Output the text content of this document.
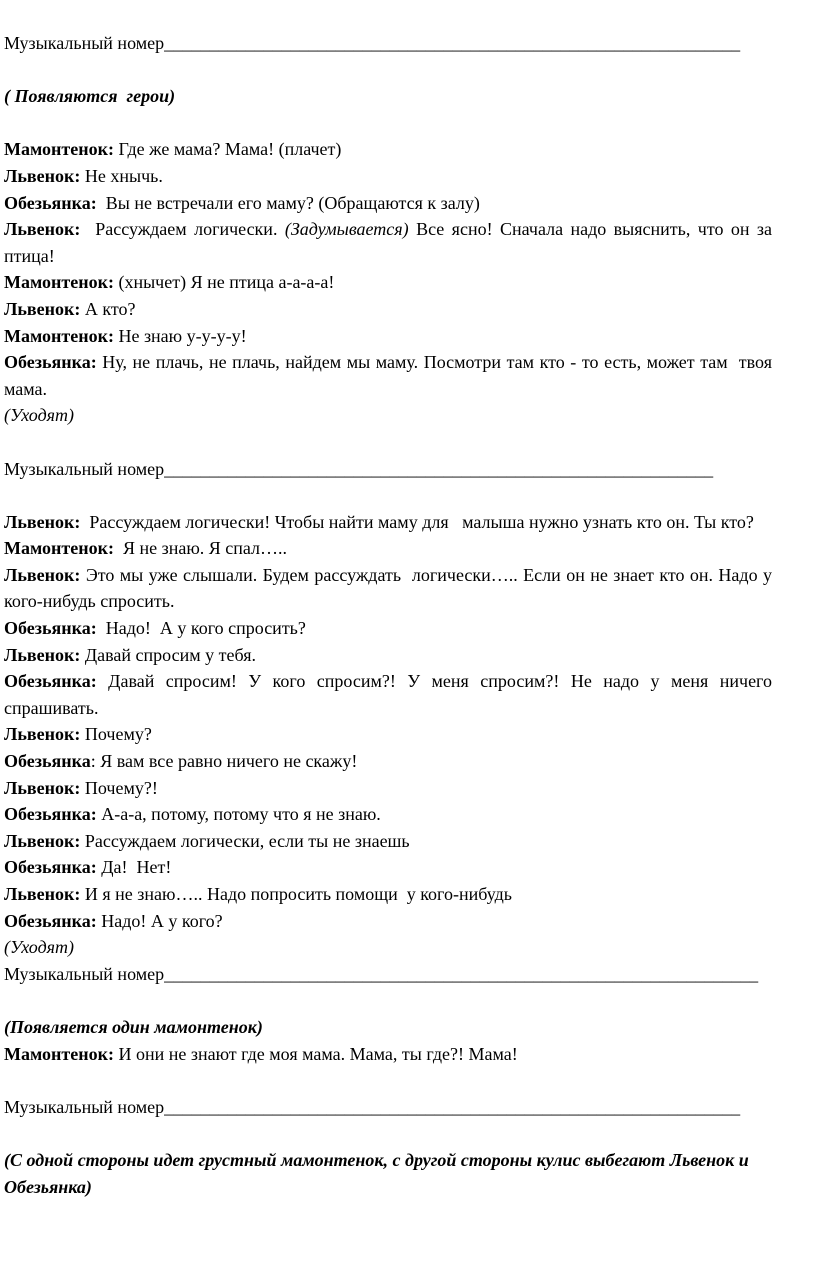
Музыкальный номер________________________________________________________________

( Появляются  герои)

Мамонтенок: Где же мама? Мама! (плачет)

Львенок: Не хнычь.

Обезьянка:  Вы не встречали его маму? (Обращаются к залу)

Львенок:  Рассуждаем логически. (Задумывается) Все ясно! Сначала надо выяснить, что он за птица!

Мамонтенок: (хнычет) Я не птица а-а-а-а!

Львенок: А кто?

Мамонтенок: Не знаю у-у-у-у!

Обезьянка: Ну, не плачь, не плачь, найдем мы маму. Посмотри там кто - то есть, может там  твоя мама.

(Уходят)

Музыкальный номер_____________________________________________________________

Львенок:  Рассуждаем логически! Чтобы найти маму для   малыша нужно узнать кто он. Ты кто?

Мамонтенок:  Я не знаю. Я спал…..

Львенок: Это мы уже слышали. Будем рассуждать  логически….. Если он не знает кто он. Надо у кого-нибудь спросить.

Обезьянка:  Надо!  А у кого спросить?

Львенок: Давай спросим у тебя.

Обезьянка: Давай спросим! У кого спросим?! У меня спросим?! Не надо у меня ничего спрашивать.

Львенок: Почему?

Обезьянка: Я вам все равно ничего не скажу!

Львенок: Почему?!

Обезьянка: А-а-а, потому, потому что я не знаю.

Львенок: Рассуждаем логически, если ты не знаешь

Обезьянка: Да!  Нет!

Львенок: И я не знаю….. Надо попросить помощи  у кого-нибудь

Обезьянка: Надо! А у кого?

(Уходят)

Музыкальный номер__________________________________________________________________

(Появляется один мамонтенок)

Мамонтенок: И они не знают где моя мама. Мама, ты где?! Мама!

Музыкальный номер________________________________________________________________

(С одной стороны идет грустный мамонтенок, с другой стороны кулис выбегают Львенок и Обезьянка)
